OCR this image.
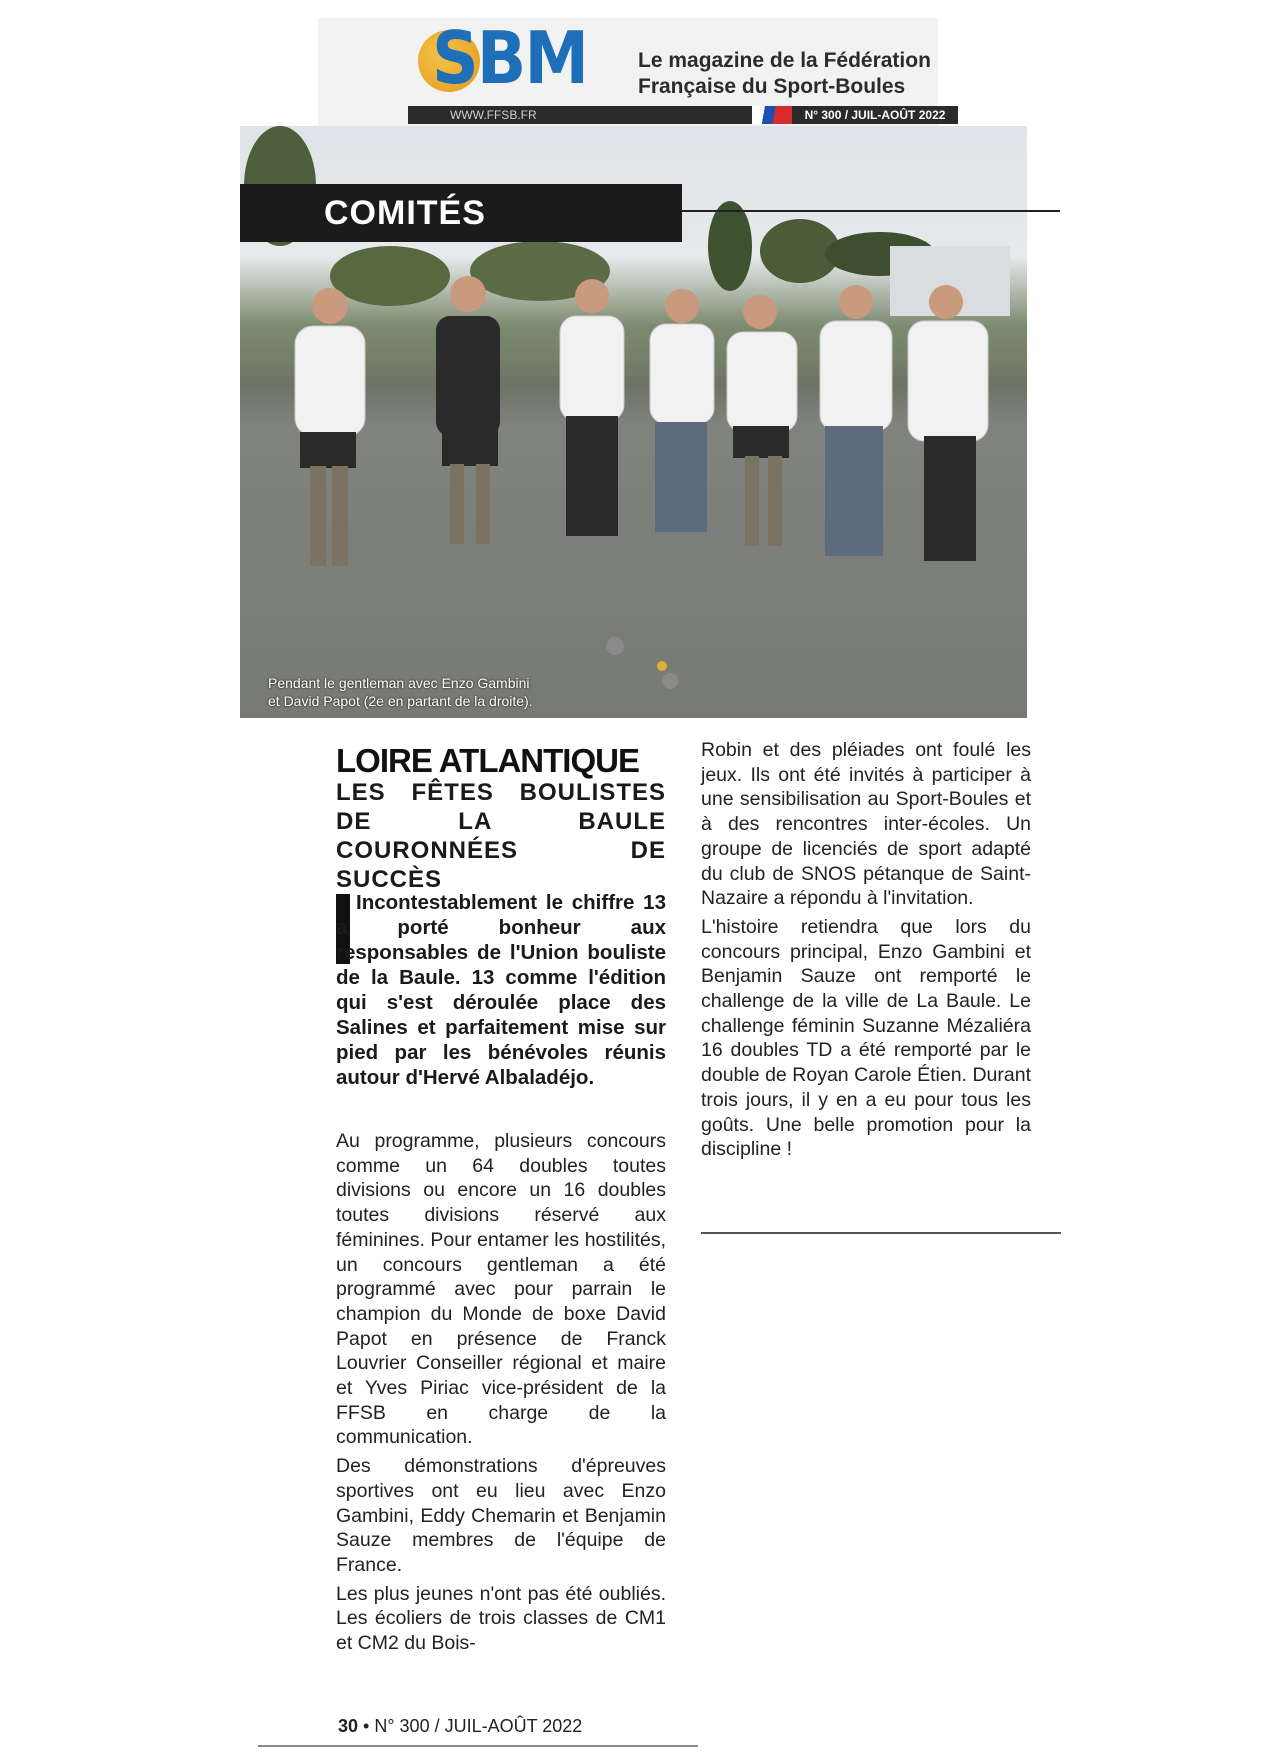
SBM Le magazine de la Fédération
Française du Sport-Boules
WWW.FFSB.FR	N° 300 / JUIL-AOÛT 2022
Pendant le gentleman avec Enzo Gambini
et David Papot (2e en partant de la droite).
COMITÉS
LOIRE ATLANTIQUE
LES FÊTES BOULISTES DE LA BAULE COURONNÉES DE SUCCÈS
Incontestablement le chiffre 13 a porté bonheur aux responsables de l'Union bouliste de la Baule. 13 comme l'édition qui s'est déroulée place des Salines et parfaitement mise sur pied par les bénévoles réunis autour d'Hervé Albaladéjo.

Au programme, plusieurs concours comme un 64 doubles toutes divisions ou encore un 16 doubles toutes divisions réservé aux féminines. Pour entamer les hostilités, un concours gentleman a été programmé avec pour parrain le champion du Monde de boxe David Papot en présence de Franck Louvrier Conseiller régional et maire et Yves Piriac vice-président de la FFSB en charge de la communication.

Des démonstrations d'épreuves sportives ont eu lieu avec Enzo Gambini, Eddy Chemarin et Benjamin Sauze membres de l'équipe de France.

Les plus jeunes n'ont pas été oubliés. Les écoliers de trois classes de CM1 et CM2 du Bois-

Robin et des pléiades ont foulé les jeux. Ils ont été invités à participer à une sensibilisation au Sport-Boules et à des rencontres inter-écoles. Un groupe de licenciés de sport adapté du club de SNOS pétanque de Saint-Nazaire a répondu à l'invitation.

L'histoire retiendra que lors du concours principal, Enzo Gambini et Benjamin Sauze ont remporté le challenge de la ville de La Baule. Le challenge féminin Suzanne Mézaliéra 16 doubles TD a été remporté par le double de Royan Carole Étien. Durant trois jours, il y en a eu pour tous les goûts. Une belle promotion pour la discipline !

30 • N° 300 / JUIL-AOÛT 2022
